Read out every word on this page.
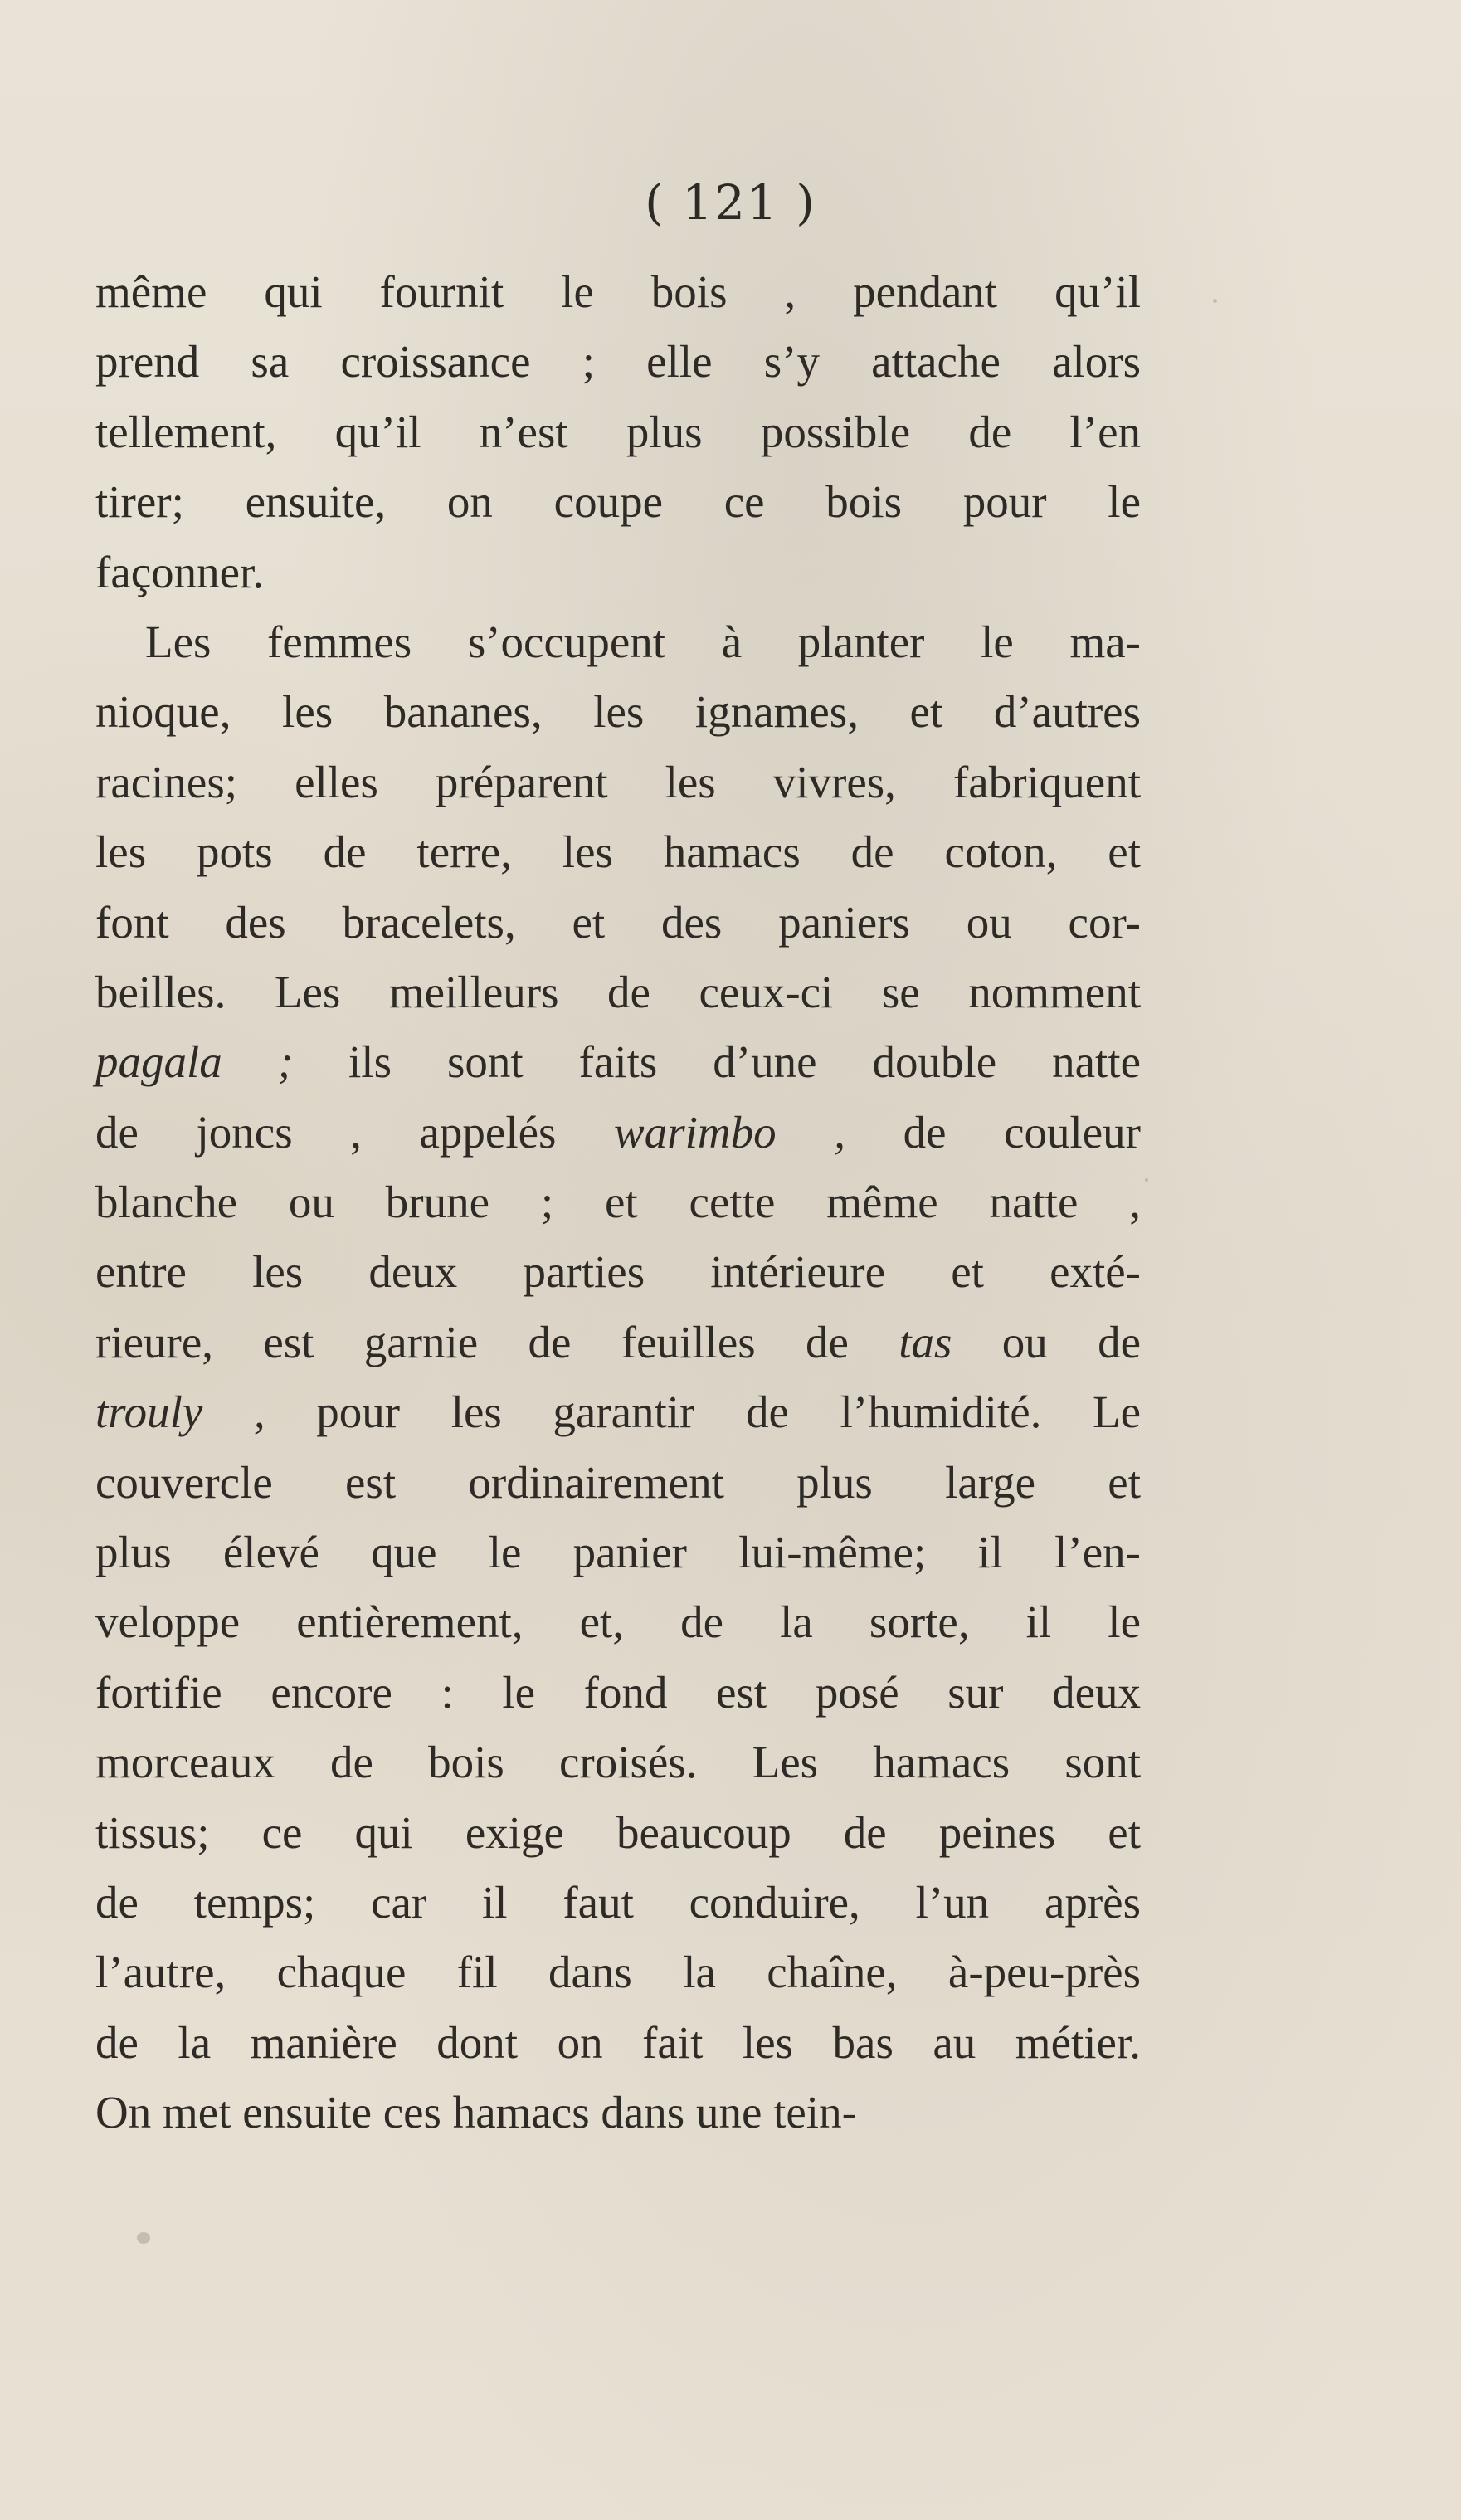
( 121 )
même qui fournit le bois , pendant qu’il
prend sa croissance ; elle s’y attache alors
tellement, qu’il n’est plus possible de l’en
tirer; ensuite, on coupe ce bois pour le
façonner.
Les femmes s’occupent à planter le ma-
nioque, les bananes, les ignames, et d’autres
racines; elles préparent les vivres, fabriquent
les pots de terre, les hamacs de coton, et
font des bracelets, et des paniers ou cor-
beilles. Les meilleurs de ceux-ci se nomment
pagala ; ils sont faits d’une double natte
de joncs , appelés warimbo , de couleur
blanche ou brune ; et cette même natte ,
entre les deux parties intérieure et exté-
rieure, est garnie de feuilles de tas ou de
trouly , pour les garantir de l’humidité. Le
couvercle est ordinairement plus large et
plus élevé que le panier lui-même; il l’en-
veloppe entièrement, et, de la sorte, il le
fortifie encore : le fond est posé sur deux
morceaux de bois croisés. Les hamacs sont
tissus; ce qui exige beaucoup de peines et
de temps; car il faut conduire, l’un après
l’autre, chaque fil dans la chaîne, à-peu-près
de la manière dont on fait les bas au métier.
On met ensuite ces hamacs dans une tein-
